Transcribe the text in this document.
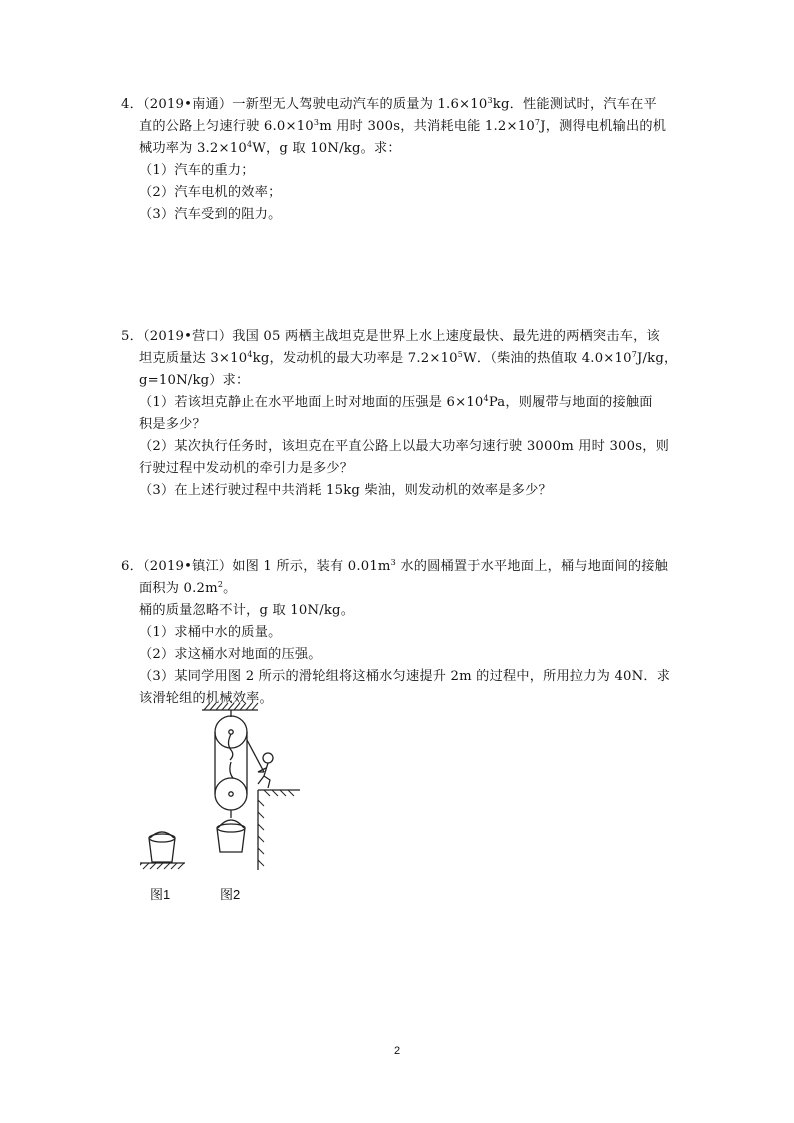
4．（2019•南通）一新型无人驾驶电动汽车的质量为 $1.6\times 10^3kg$．性能测试时，汽车在平
直的公路上匀速行驶 $6.0\times 10^3m$ 用时 300s，共消耗电能 $1.2\times 10^7J$，测得电机输出的机
械功率为 $3.2\times 10^4W$，g 取 10N/kg。求：
（1）汽车的重力；
（2）汽车电机的效率；
（3）汽车受到的阻力。
5．（2019•营口）我国 05 两栖主战坦克是世界上水上速度最快、最先进的两栖突击车，该
坦克质量达 $3\times 10^4kg$，发动机的最大功率是 $7.2\times 10^5W$．（柴油的热值取 $4.0\times 10^7J/kg$，
g=10N/kg）求：
（1）若该坦克静止在水平地面上时对地面的压强是 $6\times 10^4Pa$，则履带与地面的接触面
积是多少？
（2）某次执行任务时，该坦克在平直公路上以最大功率匀速行驶 3000m 用时 300s，则
行驶过程中发动机的牵引力是多少？
（3）在上述行驶过程中共消耗 15kg 柴油，则发动机的效率是多少？
6．（2019•镇江）如图 1 所示，装有 $0.01m^3$ 水的圆桶置于水平地面上，桶与地面间的接触
面积为 $0.2m^2$。
桶的质量忽略不计，g 取 10N/kg。
（1）求桶中水的质量。
（2）求这桶水对地面的压强。
（3）某同学用图 2 所示的滑轮组将这桶水匀速提升 2m 的过程中，所用拉力为 40N．求
该滑轮组的机械效率。
图1	图2
2
